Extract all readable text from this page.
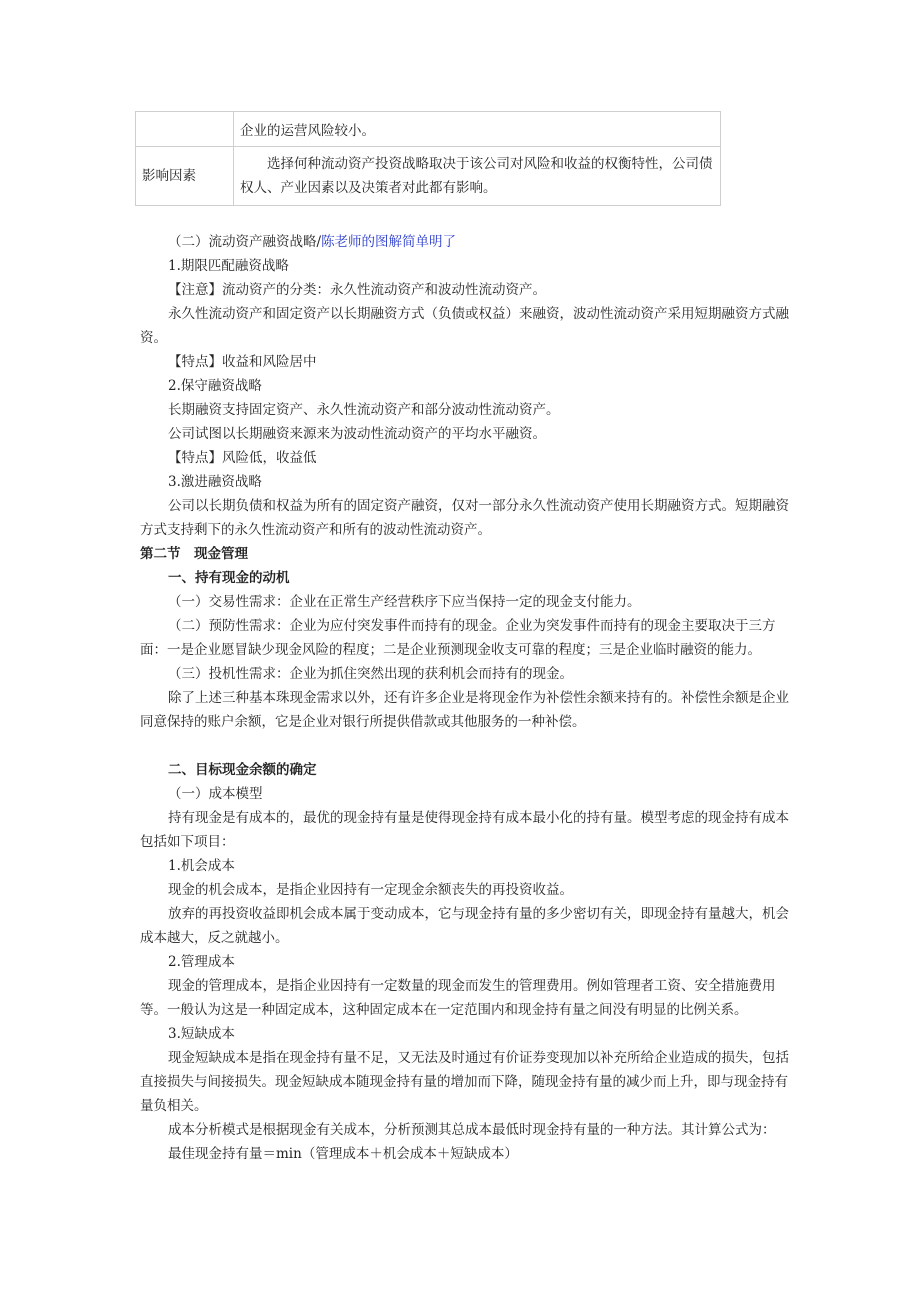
	企业的运营风险较小。
影响因素	选择何种流动资产投资战略取决于该公司对风险和收益的权衡特性，公司债权人、产业因素以及决策者对此都有影响。

（二）流动资产融资战略/陈老师的图解简单明了

1.期限匹配融资战略

【注意】流动资产的分类：永久性流动资产和波动性流动资产。

永久性流动资产和固定资产以长期融资方式（负债或权益）来融资，波动性流动资产采用短期融资方式融资。

【特点】收益和风险居中

2.保守融资战略

长期融资支持固定资产、永久性流动资产和部分波动性流动资产。

公司试图以长期融资来源来为波动性流动资产的平均水平融资。

【特点】风险低，收益低

3.激进融资战略

公司以长期负债和权益为所有的固定资产融资，仅对一部分永久性流动资产使用长期融资方式。短期融资方式支持剩下的永久性流动资产和所有的波动性流动资产。

第二节　现金管理

一、持有现金的动机

（一）交易性需求：企业在正常生产经营秩序下应当保持一定的现金支付能力。

（二）预防性需求：企业为应付突发事件而持有的现金。企业为突发事件而持有的现金主要取决于三方面：一是企业愿冒缺少现金风险的程度；二是企业预测现金收支可靠的程度；三是企业临时融资的能力。

（三）投机性需求：企业为抓住突然出现的获利机会而持有的现金。

除了上述三种基本珠现金需求以外，还有许多企业是将现金作为补偿性余额来持有的。补偿性余额是企业同意保持的账户余额，它是企业对银行所提供借款或其他服务的一种补偿。

二、目标现金余额的确定

（一）成本模型

持有现金是有成本的，最优的现金持有量是使得现金持有成本最小化的持有量。模型考虑的现金持有成本包括如下项目：

1.机会成本

现金的机会成本，是指企业因持有一定现金余额丧失的再投资收益。

放弃的再投资收益即机会成本属于变动成本，它与现金持有量的多少密切有关，即现金持有量越大，机会成本越大，反之就越小。

2.管理成本

现金的管理成本，是指企业因持有一定数量的现金而发生的管理费用。例如管理者工资、安全措施费用等。一般认为这是一种固定成本，这种固定成本在一定范围内和现金持有量之间没有明显的比例关系。

3.短缺成本

现金短缺成本是指在现金持有量不足，又无法及时通过有价证券变现加以补充所给企业造成的损失，包括直接损失与间接损失。现金短缺成本随现金持有量的增加而下降，随现金持有量的减少而上升，即与现金持有量负相关。

成本分析模式是根据现金有关成本，分析预测其总成本最低时现金持有量的一种方法。其计算公式为：

最佳现金持有量＝min（管理成本＋机会成本＋短缺成本）
